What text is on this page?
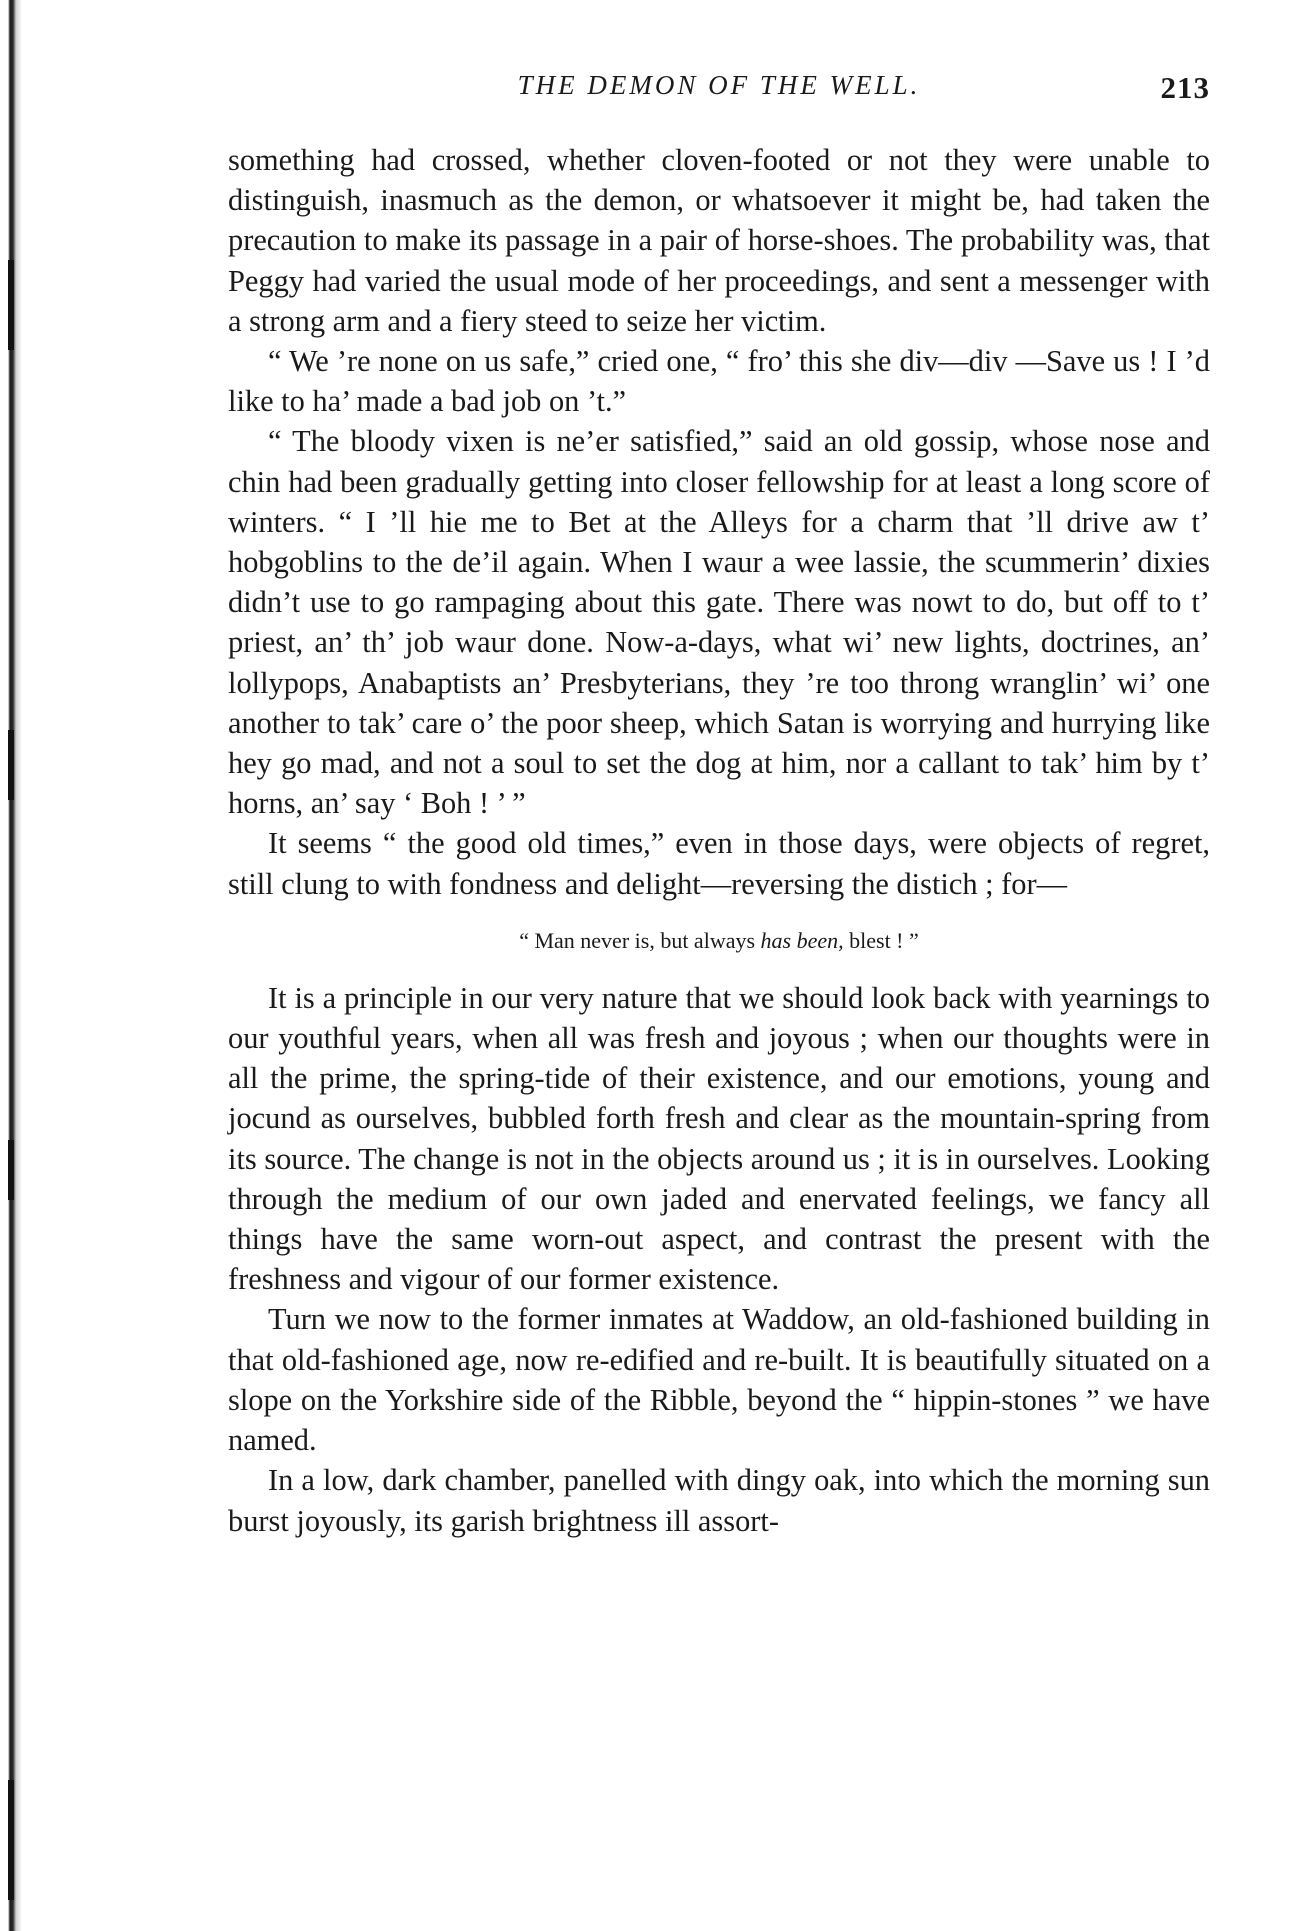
THE DEMON OF THE WELL.	213

something had crossed, whether cloven-footed or not they were unable to distinguish, inasmuch as the demon, or whatsoever it might be, had taken the precaution to make its passage in a pair of horse-shoes. The probability was, that Peggy had varied the usual mode of her proceedings, and sent a messenger with a strong arm and a fiery steed to seize her victim.

“ We ’re none on us safe,” cried one, “ fro’ this she div—div —Save us ! I ’d like to ha’ made a bad job on ’t.”

“ The bloody vixen is ne’er satisfied,” said an old gossip, whose nose and chin had been gradually getting into closer fellowship for at least a long score of winters. “ I ’ll hie me to Bet at the Alleys for a charm that ’ll drive aw t’ hobgoblins to the de’il again. When I waur a wee lassie, the scummerin’ dixies didn’t use to go rampaging about this gate. There was nowt to do, but off to t’ priest, an’ th’ job waur done. Now-a-days, what wi’ new lights, doctrines, an’ lollypops, Anabaptists an’ Presbyterians, they ’re too throng wranglin’ wi’ one another to tak’ care o’ the poor sheep, which Satan is worrying and hurrying like hey go mad, and not a soul to set the dog at him, nor a callant to tak’ him by t’ horns, an’ say ‘ Boh ! ’ ”

It seems “ the good old times,” even in those days, were objects of regret, still clung to with fondness and delight—reversing the distich ; for—

“ Man never is, but always has been, blest ! ”

It is a principle in our very nature that we should look back with yearnings to our youthful years, when all was fresh and joyous ; when our thoughts were in all the prime, the spring-tide of their existence, and our emotions, young and jocund as ourselves, bubbled forth fresh and clear as the mountain-spring from its source. The change is not in the objects around us ; it is in ourselves. Looking through the medium of our own jaded and enervated feelings, we fancy all things have the same worn-out aspect, and contrast the present with the freshness and vigour of our former existence.

Turn we now to the former inmates at Waddow, an old-fashioned building in that old-fashioned age, now re-edified and re-built. It is beautifully situated on a slope on the Yorkshire side of the Ribble, beyond the “ hippin-stones ” we have named.

In a low, dark chamber, panelled with dingy oak, into which the morning sun burst joyously, its garish brightness ill assort-
